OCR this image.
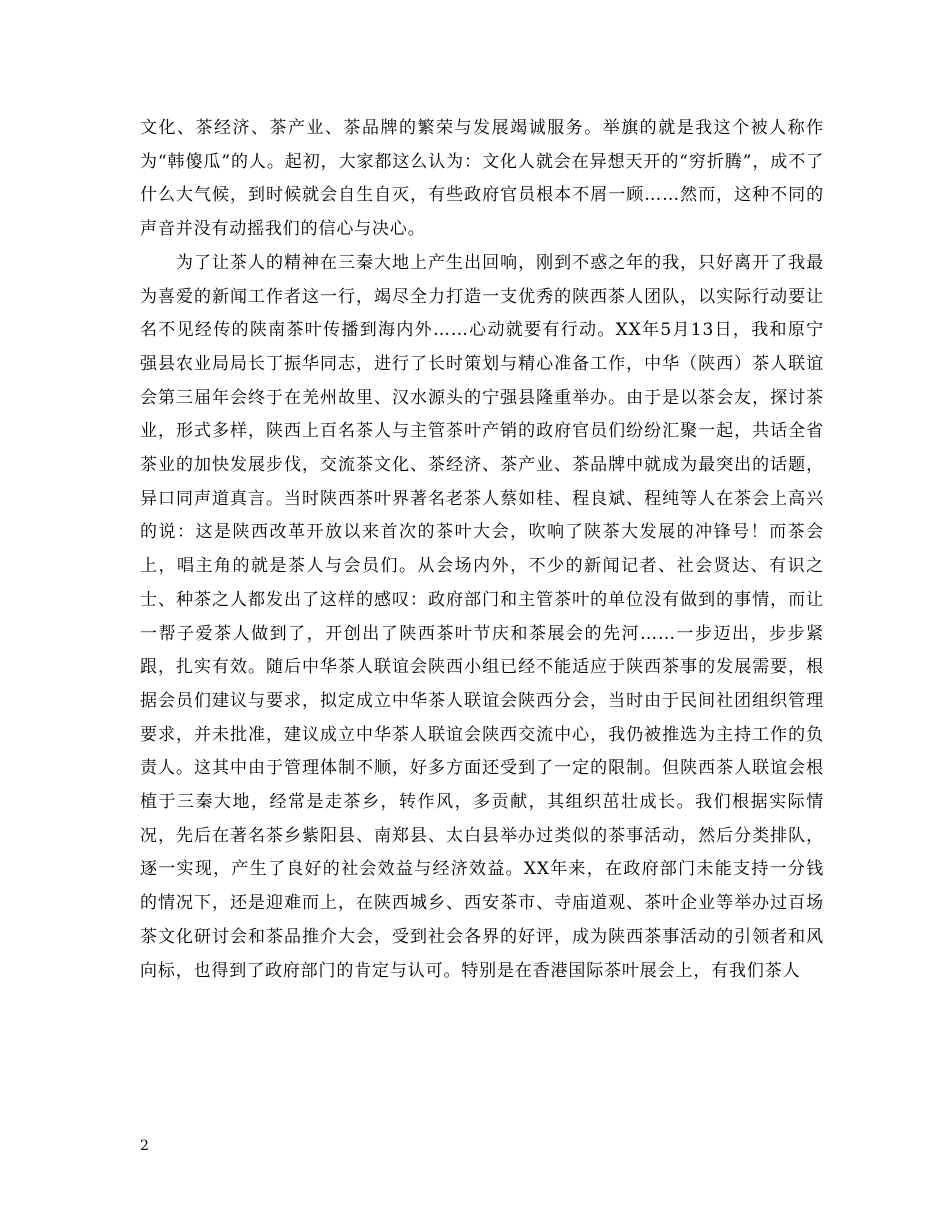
文化、茶经济、茶产业、茶品牌的繁荣与发展竭诚服务。举旗的就是我这个被人称作为“韩傻瓜”的人。起初，大家都这么认为：文化人就会在异想天开的“穷折腾”，成不了什么大气候，到时候就会自生自灭，有些政府官员根本不屑一顾……然而，这种不同的声音并没有动摇我们的信心与决心。

为了让茶人的精神在三秦大地上产生出回响，刚到不惑之年的我，只好离开了我最为喜爱的新闻工作者这一行，竭尽全力打造一支优秀的陕西茶人团队，以实际行动要让名不见经传的陕南茶叶传播到海内外……心动就要有行动。XX年5月13日，我和原宁强县农业局局长丁振华同志，进行了长时策划与精心准备工作，中华（陕西）茶人联谊会第三届年会终于在羌州故里、汉水源头的宁强县隆重举办。由于是以茶会友，探讨茶业，形式多样，陕西上百名茶人与主管茶叶产销的政府官员们纷纷汇聚一起，共话全省茶业的加快发展步伐，交流茶文化、茶经济、茶产业、茶品牌中就成为最突出的话题，异口同声道真言。当时陕西茶叶界著名老茶人蔡如桂、程良斌、程纯等人在茶会上高兴的说：这是陕西改革开放以来首次的茶叶大会，吹响了陕茶大发展的冲锋号！而茶会上，唱主角的就是茶人与会员们。从会场内外，不少的新闻记者、社会贤达、有识之士、种茶之人都发出了这样的感叹：政府部门和主管茶叶的单位没有做到的事情，而让一帮子爱茶人做到了，开创出了陕西茶叶节庆和茶展会的先河……一步迈出，步步紧跟，扎实有效。随后中华茶人联谊会陕西小组已经不能适应于陕西茶事的发展需要，根据会员们建议与要求，拟定成立中华茶人联谊会陕西分会，当时由于民间社团组织管理要求，并未批准，建议成立中华茶人联谊会陕西交流中心，我仍被推选为主持工作的负责人。这其中由于管理体制不顺，好多方面还受到了一定的限制。但陕西茶人联谊会根植于三秦大地，经常是走茶乡，转作风，多贡献，其组织茁壮成长。我们根据实际情况，先后在著名茶乡紫阳县、南郑县、太白县举办过类似的茶事活动，然后分类排队，逐一实现，产生了良好的社会效益与经济效益。XX年来，在政府部门未能支持一分钱的情况下，还是迎难而上，在陕西城乡、西安茶市、寺庙道观、茶叶企业等举办过百场茶文化研讨会和茶品推介大会，受到社会各界的好评，成为陕西茶事活动的引领者和风向标，也得到了政府部门的肯定与认可。特别是在香港国际茶叶展会上，有我们茶人

2
